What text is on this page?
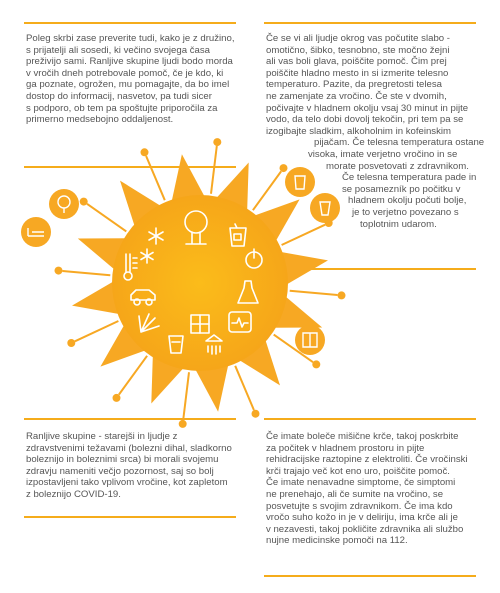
Poleg skrbi zase preverite tudi, kako je z družino,
s prijatelji ali sosedi, ki večino svojega časa
preživijo sami. Ranljive skupine ljudi bodo morda
v vročih dneh potrebovale pomoč, če je kdo, ki
ga poznate, ogrožen, mu pomagajte, da bo imel
dostop do informacij, nasvetov, pa tudi sicer
s podporo, ob tem pa spoštujte priporočila za
primerno medsebojno oddaljenost.
Če se vi ali ljudje okrog vas počutite slabo -
omotično, šibko, tesnobno, ste močno žejni
ali vas boli glava, poiščite pomoč. Čim prej
poiščite hladno mesto in si izmerite telesno
temperaturo. Pazite, da pregretosti telesa
ne zamenjate za vročino. Če ste v dvomih,
počivajte v hladnem okolju vsaj 30 minut in pijte
vodo, da telo dobi dovolj tekočin, pri tem pa se
izogibajte sladkim, alkoholnim in kofeinskim
pijačam. Če telesna temperatura ostane
visoka, imate verjetno vročino in se
morate posvetovati z zdravnikom.
Če telesna temperatura pade in
se posamezník po počitku v
hladnem okolju počuti bolje,
je to verjetno povezano s
toplotnim udarom.
Ranljive skupine - starejši in ljudje z
zdravstvenimi težavami (bolezni dihal, sladkorno
boleznijo in boleznimi srca) bi morali svojemu
zdravju nameniti večjo pozornost, saj so bolj
izpostavljeni tako vplivom vročine, kot zapletom
z boleznijo COVID-19.
Če imate boleče mišične krče, takoj poskrbite
za počitek v hladnem prostoru in pijte
rehidracijske raztopine z elektroliti. Če vročinski
krči trajajo več kot eno uro, poiščite pomoč.
Če imate nenavadne simptome, če simptomi
ne prenehajo, ali če sumite na vročino, se
posvetujte s svojim zdravnikom. Če ima kdo
vročo suho kožo in je v deliriju, ima krče ali je
v nezavesti, takoj pokličite zdravnika ali službo
nujne medicinske pomoči na 112.
